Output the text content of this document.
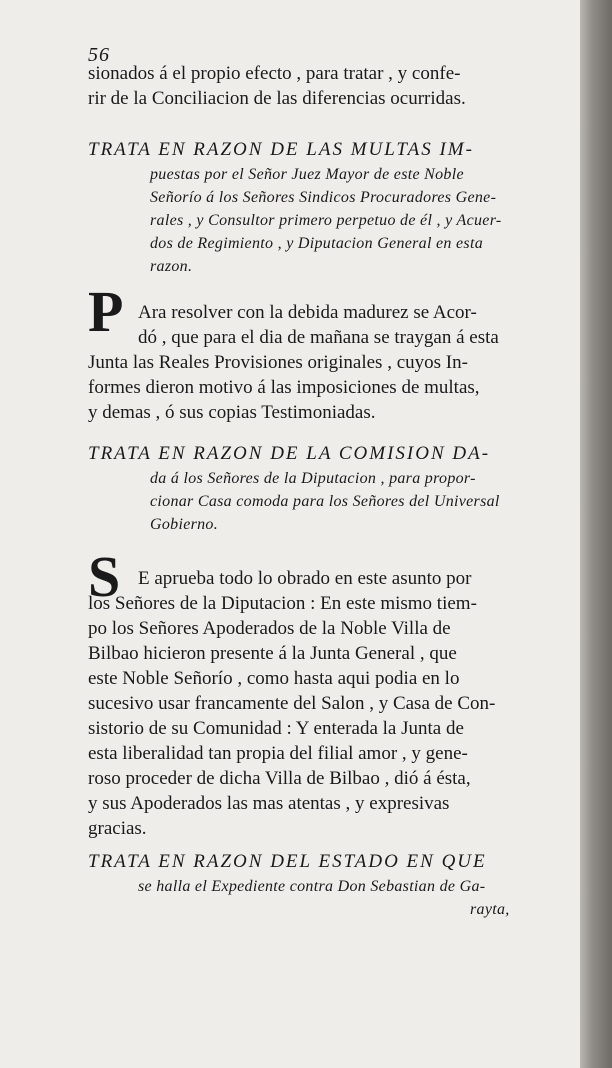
56
sionados á el propio efecto , para tratar , y confe-
rir de la Conciliacion de las diferencias ocurridas.
TRATA EN RAZON DE LAS MULTAS IM-
puestas por el Señor Juez Mayor de este Noble
Señorío á los Señores Sindicos Procuradores Gene-
rales , y Consultor primero perpetuo de él , y Acuer-
dos de Regimiento , y Diputacion General en esta
razon.
Ara resolver con la debida madurez se Acor-
dó , que para el dia de mañana se traygan á esta
Junta las Reales Provisiones originales , cuyos In-
formes dieron motivo á las imposiciones de multas,
y demas , ó sus copias Testimoniadas.
TRATA EN RAZON DE LA COMISION DA-
da á los Señores de la Diputacion , para propor-
cionar Casa comoda para los Señores del Universal
Gobierno.
E aprueba todo lo obrado en este asunto por
los Señores de la Diputacion : En este mismo tiem-
po los Señores Apoderados de la Noble Villa de
Bilbao hicieron presente á la Junta General , que
este Noble Señorío , como hasta aqui podia en lo
sucesivo usar francamente del Salon , y Casa de Con-
sistorio de su Comunidad : Y enterada la Junta de
esta liberalidad tan propia del filial amor , y gene-
roso proceder de dicha Villa de Bilbao , dió á ésta,
y sus Apoderados las mas atentas , y expresivas
gracias.
TRATA EN RAZON DEL ESTADO EN QUE
se halla el Expediente contra Don Sebastian de Ga-
rayta,
P
S
